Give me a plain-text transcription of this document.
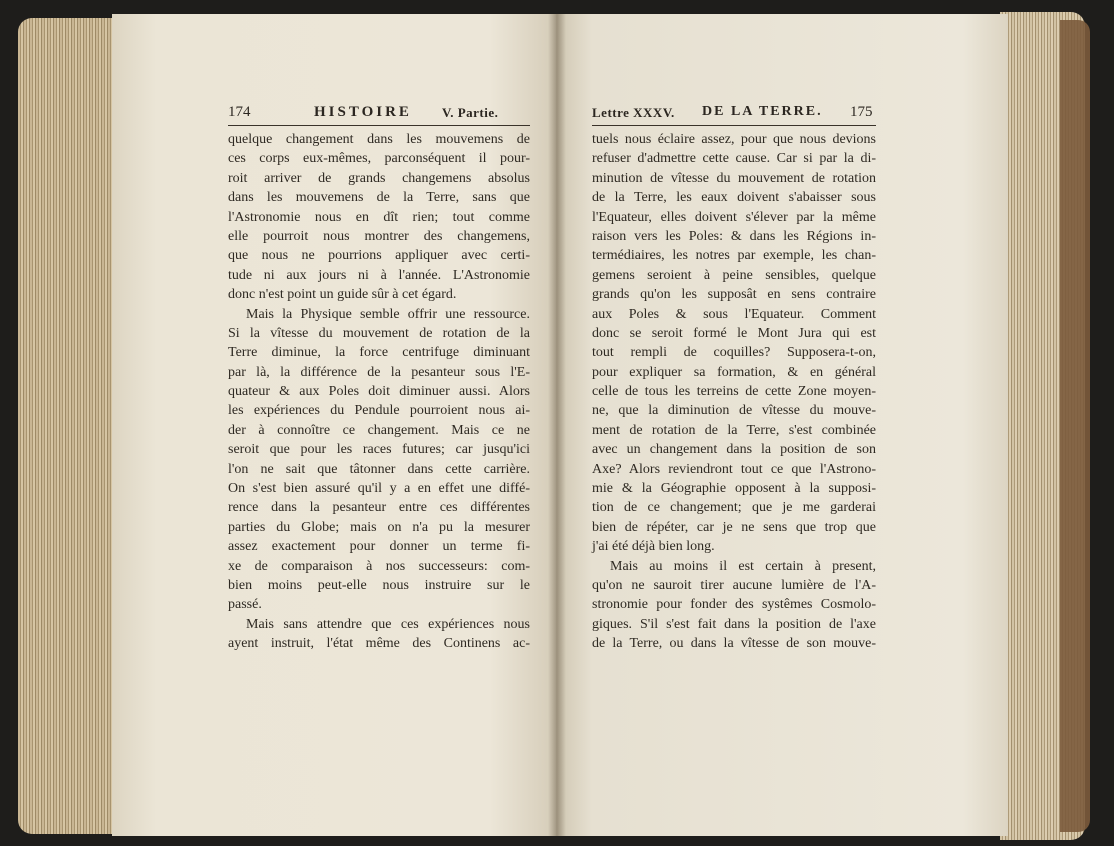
174	HISTOIRE V. Partie.	Lettre XXXV. DE LA TERRE. 175
quelque changement dans les mouvemens de
ces corps eux-mêmes, parconséquent il pour-
roit arriver de grands changemens absolus
dans les mouvemens de la Terre, sans que
l'Astronomie nous en dît rien; tout comme
elle pourroit nous montrer des changemens,
que nous ne pourrions appliquer avec certi-
tude ni aux jours ni à l'année. L'Astronomie
donc n'est point un guide sûr à cet égard.
Mais la Physique semble offrir une ressource.
Si la vîtesse du mouvement de rotation de la
Terre diminue, la force centrifuge diminuant
par là, la différence de la pesanteur sous l'E-
quateur & aux Poles doit diminuer aussi. Alors
les expériences du Pendule pourroient nous ai-
der à connoître ce changement. Mais ce ne
seroit que pour les races futures; car jusqu'ici
l'on ne sait que tâtonner dans cette carrière.
On s'est bien assuré qu'il y a en effet une diffé-
rence dans la pesanteur entre ces différentes
parties du Globe; mais on n'a pu la mesurer
assez exactement pour donner un terme fi-
xe de comparaison à nos successeurs: com-
bien moins peut-elle nous instruire sur le
passé.
Mais sans attendre que ces expériences nous
ayent instruit, l'état même des Continens ac-
tuels nous éclaire assez, pour que nous devions
refuser d'admettre cette cause. Car si par la di-
minution de vîtesse du mouvement de rotation
de la Terre, les eaux doivent s'abaisser sous
l'Equateur, elles doivent s'élever par la même
raison vers les Poles: & dans les Régions in-
termédiaires, les notres par exemple, les chan-
gemens seroient à peine sensibles, quelque
grands qu'on les supposât en sens contraire
aux Poles & sous l'Equateur. Comment
donc se seroit formé le Mont Jura qui est
tout rempli de coquilles? Supposera-t-on,
pour expliquer sa formation, & en général
celle de tous les terreins de cette Zone moyen-
ne, que la diminution de vîtesse du mouve-
ment de rotation de la Terre, s'est combinée
avec un changement dans la position de son
Axe? Alors reviendront tout ce que l'Astrono-
mie & la Géographie opposent à la supposi-
tion de ce changement; que je me garderai
bien de répéter, car je ne sens que trop que
j'ai été déjà bien long.
Mais au moins il est certain à present,
qu'on ne sauroit tirer aucune lumière de l'A-
stronomie pour fonder des systêmes Cosmolo-
giques. S'il s'est fait dans la position de l'axe
de la Terre, ou dans la vîtesse de son mouve-
